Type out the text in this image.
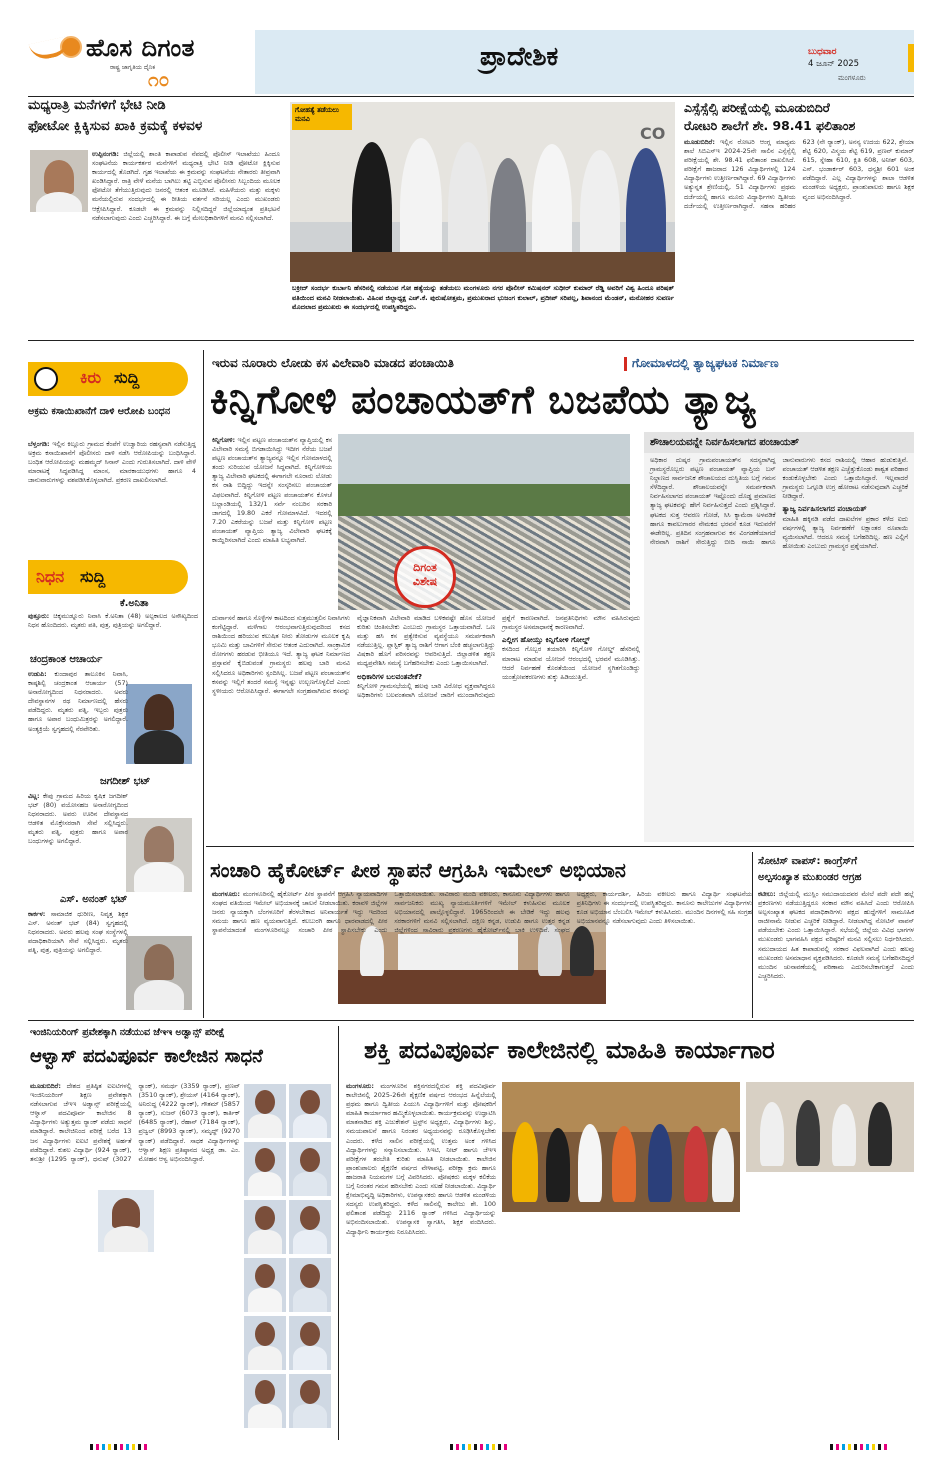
ಹೊಸ ದಿಗಂತ
ರಾಷ್ಟ್ರ ಜಾಗೃತಿಯ ದೈನಿಕ
೧೦
ಪ್ರಾದೇಶಿಕ	ಬುಧವಾರ
4 ಜೂನ್ 2025
ಮಂಗಳೂರು
ಮಧ್ಯರಾತ್ರಿ ಮನೆಗಳಿಗೆ ಭೇಟಿ ನೀಡಿ
ಫೋಟೋ ಕ್ಲಿಕ್ಕಿಸುವ ಖಾಕಿ ಕ್ರಮಕ್ಕೆ ಕಳವಳ
ಉಪ್ಪಿನಂಗಡಿ: ಜಿಲ್ಲೆಯಲ್ಲಿ ಶಾಂತಿ ಕಾಪಾಡುವ ನೆಪದಲ್ಲಿ ಪೊಲೀಸ್ ಇಲಾಖೆಯು ಹಿಂದೂ ಸಂಘಟನೆಯ ಕಾರ್ಯಕರ್ತರ ಮನೆಗಳಿಗೆ ಮಧ್ಯರಾತ್ರಿ ಭೇಟಿ ನೀಡಿ ಫೋಟೋ ಕ್ಲಿಕ್ಕಿಸುವ ಕಾರ್ಯದಲ್ಲಿ ತೊಡಗಿದೆ. ಗೃಹ ಇಲಾಖೆಯ ಈ ಕ್ರಮವನ್ನು ಸಂಘಟನೆಯ ನೇತಾರರು ತೀವ್ರವಾಗಿ ಖಂಡಿಸಿದ್ದಾರೆ. ರಾತ್ರಿ ವೇಳೆ ಮನೆಯ ಬಾಗಿಲು ತಟ್ಟಿ ಎಬ್ಬಿಸುವ ಪೊಲೀಸರು ಸಿಬ್ಬಂದಿಯ ಮೂಲಕ ಫೋಟೋ ತೆಗೆಯುತ್ತಿರುವುದು ಜನರಲ್ಲಿ ಆತಂಕ ಮೂಡಿಸಿದೆ. ಮಹಿಳೆಯರು ಮತ್ತು ಮಕ್ಕಳು ಮನೆಯಲ್ಲಿರುವ ಸಂದರ್ಭದಲ್ಲಿ ಈ ರೀತಿಯ ವರ್ತನೆ ಸರಿಯಲ್ಲ ಎಂದು ಮುಖಂಡರು ಆಕ್ಷೇಪಿಸಿದ್ದಾರೆ. ಕೂಡಲೇ ಈ ಕ್ರಮವನ್ನು ನಿಲ್ಲಿಸದಿದ್ದರೆ ಜಿಲ್ಲೆಯಾದ್ಯಂತ ಪ್ರತಿಭಟನೆ ನಡೆಸಲಾಗುವುದು ಎಂದು ಎಚ್ಚರಿಸಿದ್ದಾರೆ. ಈ ಬಗ್ಗೆ ಮೇಲಧಿಕಾರಿಗಳಿಗೆ ಮನವಿ ಸಲ್ಲಿಸಲಾಗಿದೆ.
CO
ಗೋಹತ್ಯೆ ತಡೆಯಲು ಮನವಿ
ಬಕ್ರೀದ್ ಸಂದರ್ಭ ಕುರ್ಬಾನಿ ಹೆಸರಿನಲ್ಲಿ ನಡೆಯುವ ಗೋ ಹತ್ಯೆಯನ್ನು ತಡೆಯಲು ಮಂಗಳೂರು ನಗರ ಪೊಲೀಸ್ ಕಮಿಷನರ್ ಸುಧೀರ್ ಕುಮಾರ್ ರೆಡ್ಡಿ ಅವರಿಗೆ ವಿಶ್ವ ಹಿಂದೂ ಪರಿಷತ್ ವತಿಯಿಂದ ಮನವಿ ನೀಡಲಾಯಿತು. ವಿಹಿಂಪ ಜಿಲ್ಲಾಧ್ಯಕ್ಷ ಎಚ್.ಕೆ. ಪುರುಷೋತ್ತಮ, ಪ್ರಮುಖರಾದ ಭುಜಂಗ ಕುಲಾಲ್, ಪ್ರದೀಪ್ ಸರಿಪಲ್ಲ, ಶಿವಾನಂದ ಮೆಂಡನ್, ಮನೋಹರ ಸುವರ್ಣ ಮೊದಲಾದ ಪ್ರಮುಖರು ಈ ಸಂದರ್ಭದಲ್ಲಿ ಉಪಸ್ಥಿತರಿದ್ದರು.
ಎಸ್ಸೆಸ್ಸೆಲ್ಸಿ ಪರೀಕ್ಷೆಯಲ್ಲಿ ಮೂಡುಬಿದಿರೆ
ರೋಟರಿ ಶಾಲೆಗೆ ಶೇ. 98.41 ಫಲಿತಾಂಶ
ಮೂಡುಬಿದಿರೆ: ಇಲ್ಲಿನ ರೋಟರಿ ಆಂಗ್ಲ ಮಾಧ್ಯಮ ಶಾಲೆ ಸಿಬಿಎಸ್‌ಇ 2024-25ನೇ ಸಾಲಿನ ಎಸ್ಸೆಸ್ಸೆಲ್ಸಿ ಪರೀಕ್ಷೆಯಲ್ಲಿ ಶೇ. 98.41 ಫಲಿತಾಂಶ ದಾಖಲಿಸಿದೆ. ಪರೀಕ್ಷೆಗೆ ಹಾಜರಾದ 126 ವಿದ್ಯಾರ್ಥಿಗಳಲ್ಲಿ 124 ವಿದ್ಯಾರ್ಥಿಗಳು ಉತ್ತೀರ್ಣರಾಗಿದ್ದಾರೆ. 69 ವಿದ್ಯಾರ್ಥಿಗಳು ಅತ್ಯುನ್ನತ ಶ್ರೇಣಿಯಲ್ಲಿ, 51 ವಿದ್ಯಾರ್ಥಿಗಳು ಪ್ರಥಮ ದರ್ಜೆಯಲ್ಲಿ ಹಾಗೂ ಮೂರು ವಿದ್ಯಾರ್ಥಿಗಳು ದ್ವಿತೀಯ ದರ್ಜೆಯಲ್ಲಿ ಉತ್ತೀರ್ಣರಾಗಿದ್ದಾರೆ. ಸಹನಾ ಹರಿಹರ 623 (ನೇ ರ‍್ಯಾಂಕ್), ಅನನ್ಯ ಉದಯ 622, ಶ್ರೇಯಾ ಶೆಟ್ಟಿ 620, ವಿಸ್ಮಯ ಶೆಟ್ಟಿ 619, ಪ್ರಣವ್ ಕುಮಾರ್ 615, ಸ್ನೇಹಾ 610, ಕ್ಷಿತಿ 608, ಅನೀಶ್ 603, ಎಸ್. ಭಂಡಾರ್ಕರ್ 603, ಧನ್ಯಶ್ರೀ 601 ಅಂಕ ಪಡೆದಿದ್ದಾರೆ. ಎಲ್ಲ ವಿದ್ಯಾರ್ಥಿಗಳನ್ನು ಶಾಲಾ ಆಡಳಿತ ಮಂಡಳಿಯ ಅಧ್ಯಕ್ಷರು, ಪ್ರಾಂಶುಪಾಲರು ಹಾಗೂ ಶಿಕ್ಷಕ ವೃಂದ ಅಭಿನಂದಿಸಿದ್ದಾರೆ.
ಕಿರು ಸುದ್ದಿ
ಅಕ್ರಮ ಕಸಾಯಿಖಾನೆಗೆ ದಾಳಿ ಆರೋಪಿ ಬಂಧನ
ಬೆಳ್ತಂಗಡಿ: ಇಲ್ಲಿನ ಕಿಲ್ಲೂರು ಗ್ರಾಮದ ಕೆಂಪೆಗೆ ಉಜ್ವಾರಿಯ ರಹಸ್ಯವಾಗಿ ನಡೆಸುತ್ತಿದ್ದ ಅಕ್ರಮ ಕಸಾಯಿಖಾನೆಗೆ ಪೊಲೀಸರು ದಾಳಿ ನಡೆಸಿ ಆರೋಪಿಯನ್ನು ಬಂಧಿಸಿದ್ದಾರೆ. ಬಂಧಿತ ಆರೋಪಿಯನ್ನು ಮಹಮ್ಮದ್ ಸಿನಾನ್ ಎಂದು ಗುರುತಿಸಲಾಗಿದೆ. ದಾಳಿ ವೇಳೆ ಮಾರಾಟಕ್ಕೆ ಸಿದ್ಧಪಡಿಸಿದ್ದ ಮಾಂಸ, ಮಾರಕಾಯುಧಗಳು ಹಾಗೂ 4 ಜಾನುವಾರುಗಳನ್ನು ವಶಪಡಿಸಿಕೊಳ್ಳಲಾಗಿದೆ. ಪ್ರಕರಣ ದಾಖಲಿಸಲಾಗಿದೆ.
ನಿಧನ ಸುದ್ದಿ
ಕೆ.ಅನಿತಾ
ಪುತ್ತೂರು: ಚಿಕ್ಕಮುಡ್ನೂರು ನಿವಾಸಿ ಕೆ.ಅನಿತಾ (48) ಅಲ್ಪಕಾಲದ ಅಸೌಖ್ಯದಿಂದ ನಿಧನ ಹೊಂದಿದರು. ಮೃತರು ಪತಿ, ಪುತ್ರ, ಪುತ್ರಿಯನ್ನು ಅಗಲಿದ್ದಾರೆ.
ಚಂದ್ರಕಾಂತ ಆಚಾರ್ಯ
ಉಡುಪಿ: ಕುಂದಾಪುರ ತಾಲೂಕಿನ ನಿವಾಸಿ, ಕಾಷ್ಠಶಿಲ್ಪಿ ಚಂದ್ರಕಾಂತ ಆಚಾರ್ಯ (57) ಅನಾರೋಗ್ಯದಿಂದ ನಿಧನರಾದರು. ಅವರು ದೇವಸ್ಥಾನಗಳ ರಥ ನಿರ್ಮಾಣದಲ್ಲಿ ಹೆಸರು ಪಡೆದಿದ್ದರು. ಮೃತರು ಪತ್ನಿ, ಇಬ್ಬರು ಪುತ್ರರು ಹಾಗೂ ಅಪಾರ ಬಂಧುಮಿತ್ರರನ್ನು ಅಗಲಿದ್ದಾರೆ. ಅಂತ್ಯಕ್ರಿಯೆ ಸ್ವಗೃಹದಲ್ಲಿ ನೆರವೇರಿತು.
ಜಗದೀಶ್ ಭಟ್
ವಿಟ್ಲ: ಕೇಪು ಗ್ರಾಮದ ಹಿರಿಯ ಕೃಷಿಕ ಜಗದೀಶ್ ಭಟ್ (80) ವಯೋಸಹಜ ಅನಾರೋಗ್ಯದಿಂದ ನಿಧನರಾದರು. ಅವರು ಊರಿನ ದೇವಸ್ಥಾನದ ಆಡಳಿತ ಮೊಕ್ತೇಸರರಾಗಿ ಸೇವೆ ಸಲ್ಲಿಸಿದ್ದರು. ಮೃತರು ಪತ್ನಿ, ಪುತ್ರರು ಹಾಗೂ ಅಪಾರ ಬಂಧುಗಳನ್ನು ಅಗಲಿದ್ದಾರೆ.
ಎಸ್. ಅನಂತ್ ಭಟ್
ಕಾರ್ಕಳ: ಸಾಮಾಜಿಕ ಧುರೀಣ, ನಿವೃತ್ತ ಶಿಕ್ಷಕ ಎಸ್. ಅನಂತ್ ಭಟ್ (84) ಸ್ವಗೃಹದಲ್ಲಿ ನಿಧನರಾದರು. ಅವರು ಹಲವು ಸಂಘ ಸಂಸ್ಥೆಗಳಲ್ಲಿ ಪದಾಧಿಕಾರಿಯಾಗಿ ಸೇವೆ ಸಲ್ಲಿಸಿದ್ದರು. ಮೃತರು ಪತ್ನಿ, ಪುತ್ರ, ಪುತ್ರಿಯನ್ನು ಅಗಲಿದ್ದಾರೆ.
ಇರುವ ನೂರಾರು ಲೋಡು ಕಸ ವಿಲೇವಾರಿ ಮಾಡದ ಪಂಚಾಯಿತಿ	ಗೋಮಾಳದಲ್ಲಿ ತ್ಯಾಜ್ಯಘಟಕ ನಿರ್ಮಾಣ
ಕಿನ್ನಿಗೋಳಿ ಪಂಚಾಯತ್‌ಗೆ ಬಜಪೆಯ ತ್ಯಾಜ್ಯ
ದಿಗಂತ
ವಿಶೇಷ
ಕಿನ್ನಿಗೋಳಿ: ಇಲ್ಲಿನ ಪಟ್ಟಣ ಪಂಚಾಯತ್‌ನ ವ್ಯಾಪ್ತಿಯಲ್ಲಿ ಕಸ ವಿಲೇವಾರಿ ಸಮಸ್ಯೆ ಬಿಗಡಾಯಿಸಿದ್ದು ಇದೀಗ ನೆರೆಯ ಬಜಪೆ ಪಟ್ಟಣ ಪಂಚಾಯತ್‌ನ ತ್ಯಾಜ್ಯವನ್ನೂ ಇಲ್ಲಿನ ಗೋಮಾಳದಲ್ಲಿ ತಂದು ಸುರಿಯುವ ಯೋಜನೆ ಸಿದ್ಧವಾಗಿದೆ. ಕಿನ್ನಿಗೋಳಿಯ ತ್ಯಾಜ್ಯ ವಿಲೇವಾರಿ ಘಟಕದಲ್ಲಿ ಈಗಾಗಲೇ ನೂರಾರು ಲೋಡು ಕಸ ರಾಶಿ ಬಿದ್ದಿದ್ದು ಇದನ್ನೇ ಸಂಸ್ಕರಿಸಲು ಪಂಚಾಯತ್ ವಿಫಲವಾಗಿದೆ. ಕಿನ್ನಿಗೋಳಿ ಪಟ್ಟಣ ಪಂಚಾಯತ್‌ನ ಕೊಳಚೆ ಬಲ್ಲಾಂಡಿಯಲ್ಲಿ 132/1 ಸರ್ವೆ ನಂಬರಿನ ಸರಕಾರಿ ಜಾಗದಲ್ಲಿ 19.80 ಎಕರೆ ಗೋಮಾಳವಿದೆ. ಇದರಲ್ಲಿ 7.20 ಎಕರೆಯನ್ನು ಬಜಪೆ ಮತ್ತು ಕಿನ್ನಿಗೋಳಿ ಪಟ್ಟಣ ಪಂಚಾಯತ್ ವ್ಯಾಪ್ತಿಯ ತ್ಯಾಜ್ಯ ವಿಲೇವಾರಿ ಘಟಕಕ್ಕೆ ಕಾಯ್ದಿರಿಸಲಾಗಿದೆ ಎಂದು ಮಾಹಿತಿ ಲಭ್ಯವಾಗಿದೆ.
ದುರ್ವಾಸನೆ ಹಾಗೂ ಸೊಳ್ಳೆಗಳ ಕಾಟದಿಂದ ಸುತ್ತಮುತ್ತಲಿನ ನಿವಾಸಿಗಳು ಕಂಗೆಟ್ಟಿದ್ದಾರೆ. ಮಳೆಗಾಲ ಆರಂಭವಾಗುತ್ತಿರುವುದರಿಂದ ಕಸದ ರಾಶಿಯಿಂದ ಹರಿಯುವ ಕಲುಷಿತ ನೀರು ತೋಡುಗಳ ಮೂಲಕ ಕೃಷಿ ಭೂಮಿ ಮತ್ತು ಬಾವಿಗಳಿಗೆ ಸೇರುವ ಆತಂಕ ಎದುರಾಗಿದೆ. ಸಾಂಕ್ರಾಮಿಕ ರೋಗಗಳು ಹರಡುವ ಭೀತಿಯೂ ಇದೆ. ತ್ಯಾಜ್ಯ ಘಟಕ ನಿರ್ಮಾಣದ ಪ್ರಸ್ತಾವನೆ ಕೈಬಿಡುವಂತೆ ಗ್ರಾಮಸ್ಥರು ಹಲವು ಬಾರಿ ಮನವಿ ಸಲ್ಲಿಸಿದರೂ ಅಧಿಕಾರಿಗಳು ಸ್ಪಂದಿಸಿಲ್ಲ. ಬಜಪೆ ಪಟ್ಟಣ ಪಂಚಾಯತ್‌ನ ಕಸವನ್ನು ಇಲ್ಲಿಗೆ ತಂದರೆ ಸಮಸ್ಯೆ ಇನ್ನಷ್ಟು ಉಲ್ಬಣಗೊಳ್ಳಲಿದೆ ಎಂದು ಸ್ಥಳೀಯರು ಆರೋಪಿಸಿದ್ದಾರೆ. ಈಗಾಗಲೇ ಸಂಗ್ರಹವಾಗಿರುವ ಕಸವನ್ನು ವೈಜ್ಞಾನಿಕವಾಗಿ ವಿಲೇವಾರಿ ಮಾಡಿದ ಬಳಿಕವಷ್ಟೇ ಹೊಸ ಯೋಜನೆ ಕುರಿತು ಚಿಂತಿಸಬೇಕು ಎಂಬುದು ಗ್ರಾಮಸ್ಥರ ಒತ್ತಾಯವಾಗಿದೆ. ಒಣ ಮತ್ತು ಹಸಿ ಕಸ ಪ್ರತ್ಯೇಕಿಸುವ ವ್ಯವಸ್ಥೆಯೂ ಸಮರ್ಪಕವಾಗಿ ನಡೆಯುತ್ತಿಲ್ಲ. ಪ್ಲಾಸ್ಟಿಕ್ ತ್ಯಾಜ್ಯ ರಾಶಿಗೆ ಆಗಾಗ ಬೆಂಕಿ ಹಚ್ಚಲಾಗುತ್ತಿದ್ದು ವಿಷಕಾರಿ ಹೊಗೆ ಪರಿಸರವನ್ನು ಆವರಿಸುತ್ತಿದೆ. ಜಿಲ್ಲಾಡಳಿತ ತಕ್ಷಣ ಮಧ್ಯಪ್ರವೇಶಿಸಿ ಸಮಸ್ಯೆ ಬಗೆಹರಿಸಬೇಕು ಎಂದು ಒತ್ತಾಯಿಸಲಾಗಿದೆ.
ಅಧಿಕಾರಿಗಳ ಬಲವಂತವೇಕೆ?
ಕಿನ್ನಿಗೋಳಿ ಗ್ರಾಮಸಭೆಯಲ್ಲಿ ಹಲವು ಬಾರಿ ವಿರೋಧ ವ್ಯಕ್ತವಾಗಿದ್ದರೂ ಅಧಿಕಾರಿಗಳು ಬಲವಂತವಾಗಿ ಯೋಜನೆ ಜಾರಿಗೆ ಮುಂದಾಗಿರುವುದು ಪ್ರಶ್ನೆಗೆ ಕಾರಣವಾಗಿದೆ. ಜನಪ್ರತಿನಿಧಿಗಳು ಮೌನ ವಹಿಸಿರುವುದು ಗ್ರಾಮಸ್ಥರ ಅಸಮಾಧಾನಕ್ಕೆ ಕಾರಣವಾಗಿದೆ.
ಎಲ್ಲೀಗ ಹೋಯ್ತು ಕಿನ್ನಿಗೋಳಿ ಗೋಲ್ಡ್
ಕಸದಿಂದ ಗೊಬ್ಬರ ತಯಾರಿಸಿ ಕಿನ್ನಿಗೋಳಿ ಗೋಲ್ಡ್ ಹೆಸರಿನಲ್ಲಿ ಮಾರಾಟ ಮಾಡುವ ಯೋಜನೆ ಆರಂಭದಲ್ಲಿ ಭರವಸೆ ಮೂಡಿಸಿತ್ತು. ಆದರೆ ನಿರ್ವಹಣೆ ಕೊರತೆಯಿಂದ ಯೋಜನೆ ಸ್ಥಗಿತಗೊಂಡಿದ್ದು ಯಂತ್ರೋಪಕರಣಗಳು ತುಕ್ಕು ಹಿಡಿಯುತ್ತಿವೆ.
ಶೌಚಾಲಯವನ್ನೇ ನಿರ್ವಹಿಸಲಾಗದ ಪಂಚಾಯತ್
ಅಧಿಕಾರ ದುಷ್ಕರ ಗ್ರಾಮಪಂಚಾಯತ್‌ನ ಸದಸ್ಯರಾಗಿದ್ದ ಗ್ರಾಮಸ್ಥರೊಬ್ಬರು ಪಟ್ಟಣ ಪಂಚಾಯತ್ ವ್ಯಾಪ್ತಿಯ ಬಸ್ ನಿಲ್ದಾಣದ ಸಾರ್ವಜನಿಕ ಶೌಚಾಲಯದ ದುಸ್ಥಿತಿಯ ಬಗ್ಗೆ ಗಮನ ಸೆಳೆದಿದ್ದಾರೆ. ಶೌಚಾಲಯವನ್ನೇ ಸಮರ್ಪಕವಾಗಿ ನಿರ್ವಹಿಸಲಾಗದ ಪಂಚಾಯತ್ ಇಷ್ಟೊಂದು ದೊಡ್ಡ ಪ್ರಮಾಣದ ತ್ಯಾಜ್ಯ ಘಟಕವನ್ನು ಹೇಗೆ ನಿರ್ವಹಿಸುತ್ತದೆ ಎಂದು ಪ್ರಶ್ನಿಸಿದ್ದಾರೆ. ಘಟಕದ ಸುತ್ತ ಆವರಣ ಗೋಡೆ, ಸಿಸಿ ಕ್ಯಾಮೆರಾ ಅಳವಡಿಕೆ ಹಾಗೂ ಕಾವಲುಗಾರರ ನೇಮಕದ ಭರವಸೆ ಕೂಡ ಇದುವರೆಗೆ ಈಡೇರಿಲ್ಲ. ಪ್ರತಿದಿನ ಸಂಗ್ರಹವಾಗುವ ಕಸ ವಿಂಗಡಣೆಯಾಗದೆ ನೇರವಾಗಿ ರಾಶಿಗೆ ಸೇರುತ್ತಿದ್ದು ಬೀದಿ ನಾಯಿ ಹಾಗೂ ಜಾನುವಾರುಗಳು ಕಸದ ರಾಶಿಯಲ್ಲಿ ಆಹಾರ ಹುಡುಕುತ್ತಿವೆ. ಪಂಚಾಯತ್ ಆಡಳಿತ ತಕ್ಷಣ ಎಚ್ಚೆತ್ತುಕೊಂಡು ಶಾಶ್ವತ ಪರಿಹಾರ ಕಂಡುಕೊಳ್ಳಬೇಕು ಎಂದು ಒತ್ತಾಯಿಸಿದ್ದಾರೆ. ಇಲ್ಲವಾದರೆ ಗ್ರಾಮಸ್ಥರು ಒಗ್ಗೂಡಿ ಉಗ್ರ ಹೋರಾಟ ನಡೆಸುವುದಾಗಿ ಎಚ್ಚರಿಕೆ ನೀಡಿದ್ದಾರೆ.
ತ್ಯಾಜ್ಯ ನಿರ್ವಹಿಸಲಾಗದ ಪಂಚಾಯತ್
ಮಾಹಿತಿ ಹಕ್ಕಿನಡಿ ಪಡೆದ ದಾಖಲೆಗಳ ಪ್ರಕಾರ ಕಳೆದ ಐದು ವರ್ಷಗಳಲ್ಲಿ ತ್ಯಾಜ್ಯ ನಿರ್ವಹಣೆಗೆ ಲಕ್ಷಾಂತರ ರೂಪಾಯಿ ವ್ಯಯಿಸಲಾಗಿದೆ. ಆದರೂ ಸಮಸ್ಯೆ ಬಗೆಹರಿದಿಲ್ಲ. ಹಣ ಎಲ್ಲಿಗೆ ಹೋಯಿತು ಎಂಬುದು ಗ್ರಾಮಸ್ಥರ ಪ್ರಶ್ನೆಯಾಗಿದೆ.
ಸಂಚಾರಿ ಹೈಕೋರ್ಟ್ ಪೀಠ ಸ್ಥಾಪನೆ ಆಗ್ರಹಿಸಿ ಇಮೇಲ್ ಅಭಿಯಾನ
ಮಂಗಳೂರು: ಮಂಗಳೂರಿನಲ್ಲಿ ಹೈಕೋರ್ಟ್ ಪೀಠ ಸ್ಥಾಪನೆಗೆ ಆಗ್ರಹಿಸಿ ನ್ಯಾಯವಾದಿಗಳ ಸಂಘದ ವತಿಯಿಂದ ಇಮೇಲ್ ಅಭಿಯಾನಕ್ಕೆ ಚಾಲನೆ ನೀಡಲಾಯಿತು. ಕರಾವಳಿ ಜಿಲ್ಲೆಗಳ ಜನರು ನ್ಯಾಯಕ್ಕಾಗಿ ಬೆಂಗಳೂರಿಗೆ ತೆರಳಬೇಕಾದ ಅನಿವಾರ್ಯತೆ ಇದ್ದು ಇದರಿಂದ ಸಮಯ ಹಾಗೂ ಹಣ ವ್ಯಯವಾಗುತ್ತಿದೆ. ಕಲಬುರಗಿ ಹಾಗೂ ಧಾರವಾಡದಲ್ಲಿ ಪೀಠ ಸ್ಥಾಪನೆಯಾದಂತೆ ಮಂಗಳೂರಿನಲ್ಲೂ ಸಂಚಾರಿ ಪೀಠ ಸ್ಥಾಪಿಸಬೇಕು ಎಂದು ಒತ್ತಾಯಿಸಲಾಯಿತು. ಸಾವಿರಾರು ಮಂದಿ ವಕೀಲರು, ಕಾನೂನು ವಿದ್ಯಾರ್ಥಿಗಳು ಹಾಗೂ ಸಾರ್ವಜನಿಕರು ಮುಖ್ಯ ನ್ಯಾಯಮೂರ್ತಿಗಳಿಗೆ ಇಮೇಲ್ ಕಳುಹಿಸುವ ಮೂಲಕ ಅಭಿಯಾನದಲ್ಲಿ ಪಾಲ್ಗೊಳ್ಳಲಿದ್ದಾರೆ. 1965ರಿಂದಲೇ ಈ ಬೇಡಿಕೆ ಇದ್ದು ಹಲವು ಸರಕಾರಗಳಿಗೆ ಮನವಿ ಸಲ್ಲಿಸಲಾಗಿದೆ. ದಕ್ಷಿಣ ಕನ್ನಡ, ಉಡುಪಿ ಹಾಗೂ ಉತ್ತರ ಕನ್ನಡ ಜಿಲ್ಲೆಗಳಿಂದ ಸಾವಿರಾರು ಪ್ರಕರಣಗಳು ಹೈಕೋರ್ಟ್‌ನಲ್ಲಿ ಬಾಕಿ ಉಳಿದಿವೆ. ಸಂಘದ ಅಧ್ಯಕ್ಷರು, ಕಾರ್ಯದರ್ಶಿ, ಹಿರಿಯ ವಕೀಲರು ಹಾಗೂ ವಿದ್ಯಾರ್ಥಿ ಸಂಘಟನೆಯ ಪ್ರತಿನಿಧಿಗಳು ಈ ಸಂದರ್ಭದಲ್ಲಿ ಉಪಸ್ಥಿತರಿದ್ದರು. ಕಾನೂನು ಕಾಲೇಜುಗಳ ವಿದ್ಯಾರ್ಥಿಗಳು ಕೂಡ ಅಭಿಯಾನ ಬೆಂಬಲಿಸಿ ಇಮೇಲ್ ಕಳುಹಿಸಿದರು. ಮುಂದಿನ ದಿನಗಳಲ್ಲಿ ಸಹಿ ಸಂಗ್ರಹ ಅಭಿಯಾನವನ್ನೂ ನಡೆಸಲಾಗುವುದು ಎಂದು ತಿಳಿಸಲಾಯಿತು.
ಸೋಟಿಸ್ ವಾಪಸ್: ಕಾಂಗ್ರೆಸ್‌ಗೆ
ಅಲ್ಪಸಂಖ್ಯಾತ ಮುಖಂಡರ ಆಗ್ರಹ
ಕಟೀಲು: ಜಿಲ್ಲೆಯಲ್ಲಿ ಮುಸ್ಲಿಂ ಸಮುದಾಯದವರ ಮೇಲೆ ಪದೇ ಪದೇ ಹಲ್ಲೆ ಪ್ರಕರಣಗಳು ನಡೆಯುತ್ತಿದ್ದರೂ ಸರಕಾರ ಮೌನ ವಹಿಸಿದೆ ಎಂದು ಆರೋಪಿಸಿ ಅಲ್ಪಸಂಖ್ಯಾತ ಘಟಕದ ಪದಾಧಿಕಾರಿಗಳು ಪಕ್ಷದ ಹುದ್ದೆಗಳಿಗೆ ಸಾಮೂಹಿಕ ರಾಜೀನಾಮೆ ನೀಡುವ ಎಚ್ಚರಿಕೆ ನೀಡಿದ್ದಾರೆ. ನೀಡಲಾಗಿದ್ದ ನೋಟಿಸ್ ವಾಪಸ್ ಪಡೆಯಬೇಕು ಎಂದು ಒತ್ತಾಯಿಸಿದ್ದಾರೆ. ಸಭೆಯಲ್ಲಿ ಜಿಲ್ಲೆಯ ವಿವಿಧ ಭಾಗಗಳ ಮುಖಂಡರು ಭಾಗವಹಿಸಿ ಪಕ್ಷದ ವರಿಷ್ಠರಿಗೆ ಮನವಿ ಸಲ್ಲಿಸಲು ನಿರ್ಧರಿಸಿದರು. ಸಮುದಾಯದ ಹಿತ ಕಾಪಾಡುವಲ್ಲಿ ಸರಕಾರ ವಿಫಲವಾಗಿದೆ ಎಂದು ಹಲವು ಮುಖಂಡರು ಅಸಮಾಧಾನ ವ್ಯಕ್ತಪಡಿಸಿದರು. ಕೂಡಲೇ ಸಮಸ್ಯೆ ಬಗೆಹರಿಸದಿದ್ದರೆ ಮುಂದಿನ ಚುನಾವಣೆಯಲ್ಲಿ ಪರಿಣಾಮ ಎದುರಿಸಬೇಕಾಗುತ್ತದೆ ಎಂದು ಎಚ್ಚರಿಸಿದರು.
ಇಂಜಿನಿಯರಿಂಗ್ ಪ್ರವೇಶಕ್ಕಾಗಿ ನಡೆಯುವ ಜೆಇಇ ಅಡ್ವಾನ್ಸ್ ಪರೀಕ್ಷೆ
ಆಳ್ವಾಸ್ ಪದವಿಪೂರ್ವ ಕಾಲೇಜಿನ ಸಾಧನೆ
ಮೂಡುಬಿದಿರೆ: ದೇಶದ ಪ್ರತಿಷ್ಠಿತ ಐಐಟಿಗಳಲ್ಲಿ ಇಂಜಿನಿಯರಿಂಗ್ ಶಿಕ್ಷಣ ಪ್ರವೇಶಕ್ಕಾಗಿ ನಡೆಸಲಾಗುವ ಜೆಇಇ ಅಡ್ವಾನ್ಸ್ ಪರೀಕ್ಷೆಯಲ್ಲಿ ಆಳ್ವಾಸ್ ಪದವಿಪೂರ್ವ ಕಾಲೇಜಿನ 8 ವಿದ್ಯಾರ್ಥಿಗಳು ಅತ್ಯುತ್ತಮ ರ‍್ಯಾಂಕ್ ಪಡೆದು ಸಾಧನೆ ಮಾಡಿದ್ದಾರೆ. ಕಾಲೇಜಿನಿಂದ ಪರೀಕ್ಷೆ ಬರೆದ 13 ಜನ ವಿದ್ಯಾರ್ಥಿಗಳು ಐಐಟಿ ಪ್ರವೇಶಕ್ಕೆ ಅರ್ಹತೆ ಪಡೆದಿದ್ದಾರೆ. ಕುಶಲ ವಿದ್ಯಾರ್ಥಿ (924 ರ‍್ಯಾಂಕ್), ತನುಶ್ರೀ (1295 ರ‍್ಯಾಂಕ್), ಧನುಷ್ (3027 ರ‍್ಯಾಂಕ್), ಸಮರ್ಥ (3359 ರ‍್ಯಾಂಕ್), ಪ್ರಣವ್ (3510 ರ‍್ಯಾಂಕ್), ಶ್ರೇಯಸ್ (4164 ರ‍್ಯಾಂಕ್), ಅನಿರುದ್ಧ (4222 ರ‍್ಯಾಂಕ್), ಗೌತಮ್ (5857 ರ‍್ಯಾಂಕ್), ಸುಜನ್ (6073 ರ‍್ಯಾಂಕ್), ಕಾರ್ತಿಕ್ (6485 ರ‍್ಯಾಂಕ್), ರೆಹಾನ್ (7184 ರ‍್ಯಾಂಕ್), ಪ್ರಜ್ವಲ್ (8993 ರ‍್ಯಾಂಕ್), ಸಮೃದ್ಧ್ (9270 ರ‍್ಯಾಂಕ್) ಪಡೆದಿದ್ದಾರೆ. ಸಾಧಕ ವಿದ್ಯಾರ್ಥಿಗಳನ್ನು ಆಳ್ವಾಸ್ ಶಿಕ್ಷಣ ಪ್ರತಿಷ್ಠಾನದ ಅಧ್ಯಕ್ಷ ಡಾ. ಎಂ. ಮೋಹನ ಆಳ್ವ ಅಭಿನಂದಿಸಿದ್ದಾರೆ.
ಶಕ್ತಿ ಪದವಿಪೂರ್ವ ಕಾಲೇಜಿನಲ್ಲಿ ಮಾಹಿತಿ ಕಾರ್ಯಾಗಾರ
ಮಂಗಳೂರು: ಮಂಗಳೂರಿನ ಶಕ್ತಿನಗರದಲ್ಲಿರುವ ಶಕ್ತಿ ಪದವಿಪೂರ್ವ ಕಾಲೇಜಿನಲ್ಲಿ 2025-26ನೇ ಶೈಕ್ಷಣಿಕ ವರ್ಷದ ಆರಂಭದ ಹಿನ್ನೆಲೆಯಲ್ಲಿ ಪ್ರಥಮ ಹಾಗೂ ದ್ವಿತೀಯ ಪಿಯುಸಿ ವಿದ್ಯಾರ್ಥಿಗಳಿಗೆ ಮತ್ತು ಪೋಷಕರಿಗೆ ಮಾಹಿತಿ ಕಾರ್ಯಾಗಾರ ಹಮ್ಮಿಕೊಳ್ಳಲಾಯಿತು. ಕಾರ್ಯಕ್ರಮವನ್ನು ಉದ್ಘಾಟಿಸಿ ಮಾತನಾಡಿದ ಶಕ್ತಿ ಎಜುಕೇಶನ್ ಟ್ರಸ್ಟ್‌ನ ಅಧ್ಯಕ್ಷರು, ವಿದ್ಯಾರ್ಥಿಗಳು ಶಿಸ್ತು, ಸಮಯಪಾಲನೆ ಹಾಗೂ ನಿರಂತರ ಅಧ್ಯಯನವನ್ನು ರೂಢಿಸಿಕೊಳ್ಳಬೇಕು ಎಂದರು. ಕಳೆದ ಸಾಲಿನ ಪರೀಕ್ಷೆಯಲ್ಲಿ ಉತ್ತಮ ಅಂಕ ಗಳಿಸಿದ ವಿದ್ಯಾರ್ಥಿಗಳನ್ನು ಸನ್ಮಾನಿಸಲಾಯಿತು. ಸಿಇಟಿ, ನೀಟ್ ಹಾಗೂ ಜೆಇಇ ಪರೀಕ್ಷೆಗಳ ತರಬೇತಿ ಕುರಿತು ಮಾಹಿತಿ ನೀಡಲಾಯಿತು. ಕಾಲೇಜಿನ ಪ್ರಾಂಶುಪಾಲರು ಶೈಕ್ಷಣಿಕ ವರ್ಷದ ವೇಳಾಪಟ್ಟಿ, ಪರೀಕ್ಷಾ ಕ್ರಮ ಹಾಗೂ ಹಾಜರಾತಿ ನಿಯಮಗಳ ಬಗ್ಗೆ ವಿವರಿಸಿದರು. ಪೋಷಕರು ಮಕ್ಕಳ ಕಲಿಕೆಯ ಬಗ್ಗೆ ನಿರಂತರ ಗಮನ ಹರಿಸಬೇಕು ಎಂದು ಸಲಹೆ ನೀಡಲಾಯಿತು. ವಿದ್ಯಾರ್ಥಿ ಕ್ಷೇಮಾಭಿವೃದ್ಧಿ ಅಧಿಕಾರಿಗಳು, ಉಪನ್ಯಾಸಕರು ಹಾಗೂ ಆಡಳಿತ ಮಂಡಳಿಯ ಸದಸ್ಯರು ಉಪಸ್ಥಿತರಿದ್ದರು. ಕಳೆದ ಸಾಲಿನಲ್ಲಿ ಕಾಲೇಜು ಶೇ. 100 ಫಲಿತಾಂಶ ಪಡೆದಿದ್ದು 2116 ರ‍್ಯಾಂಕ್ ಗಳಿಸಿದ ವಿದ್ಯಾರ್ಥಿಯನ್ನು ಅಭಿನಂದಿಸಲಾಯಿತು. ಉಪನ್ಯಾಸಕಿ ಸ್ವಾಗತಿಸಿ, ಶಿಕ್ಷಕ ವಂದಿಸಿದರು. ವಿದ್ಯಾರ್ಥಿನಿ ಕಾರ್ಯಕ್ರಮ ನಿರೂಪಿಸಿದರು.
